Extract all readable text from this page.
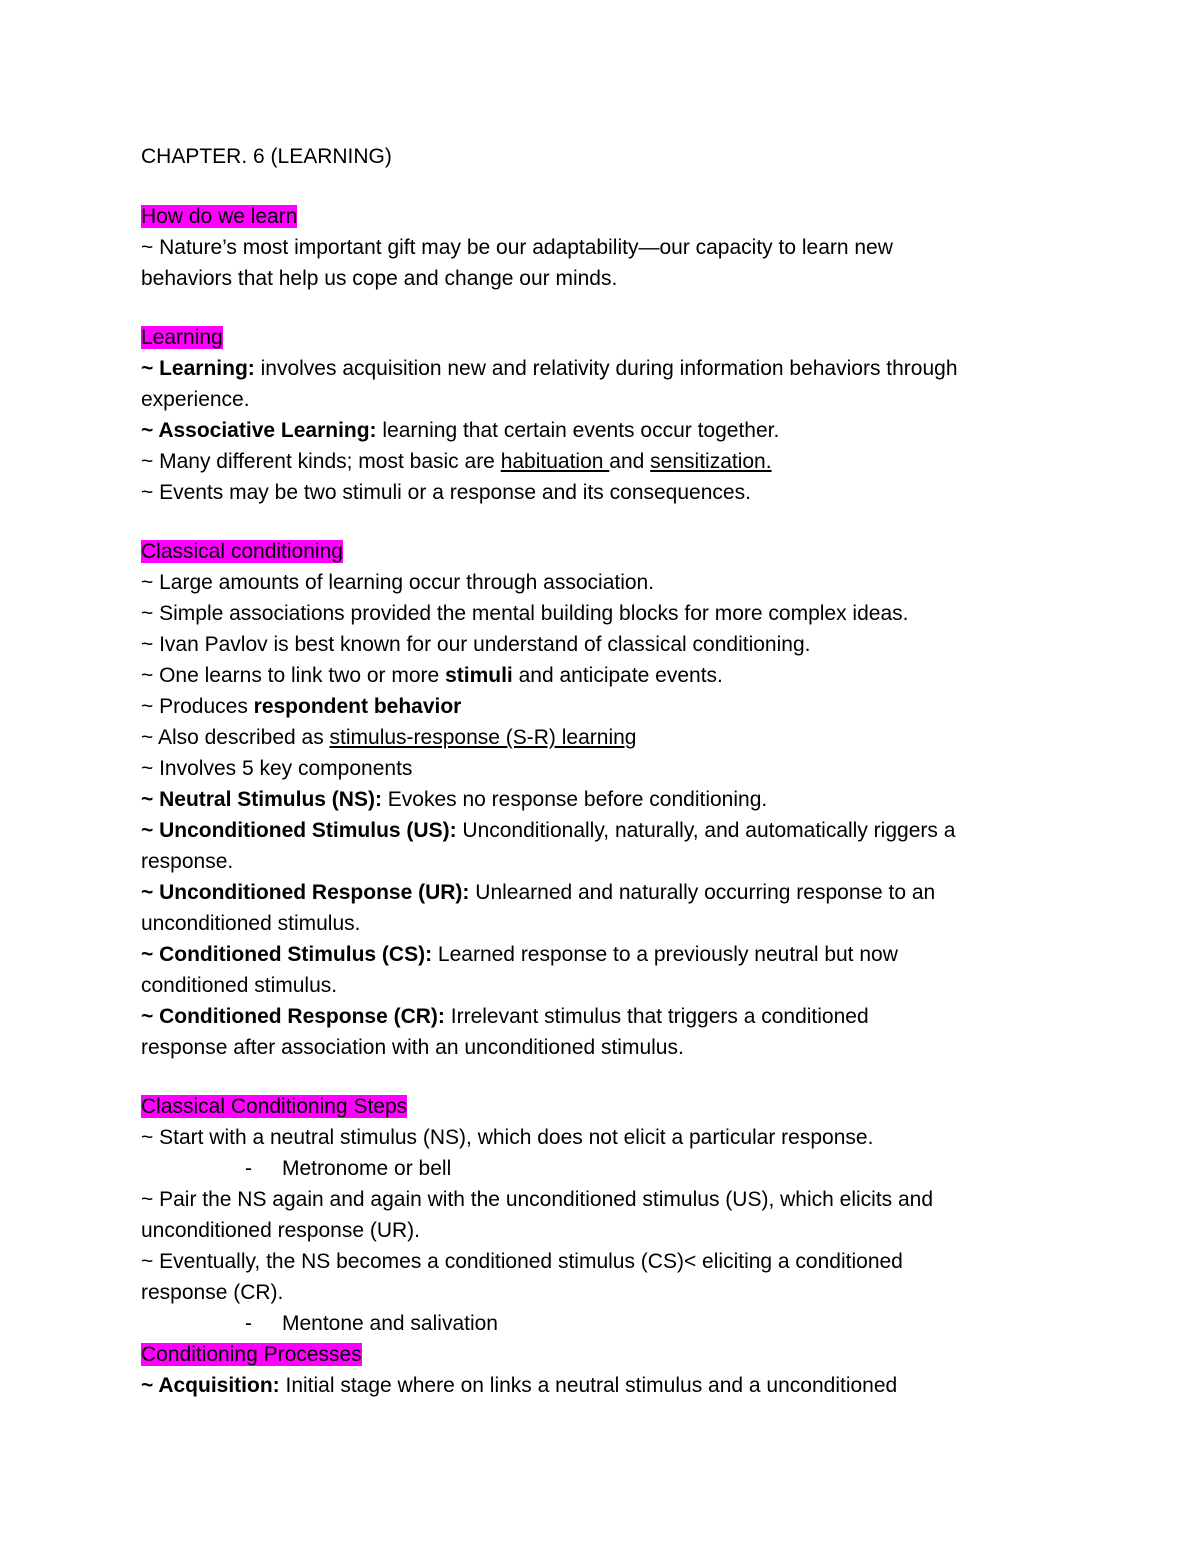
CHAPTER. 6 (LEARNING)
How do we learn
~ Nature’s most important gift may be our adaptability—our capacity to learn new
behaviors that help us cope and change our minds.
Learning
~ Learning: involves acquisition new and relativity during information behaviors through
experience.
~ Associative Learning: learning that certain events occur together.
~ Many different kinds; most basic are habituation and sensitization.
~ Events may be two stimuli or a response and its consequences.
Classical conditioning
~ Large amounts of learning occur through association.
~ Simple associations provided the mental building blocks for more complex ideas.
~ Ivan Pavlov is best known for our understand of classical conditioning.
~ One learns to link two or more stimuli and anticipate events.
~ Produces respondent behavior
~ Also described as stimulus-response (S-R) learning
~ Involves 5 key components
~ Neutral Stimulus (NS): Evokes no response before conditioning.
~ Unconditioned Stimulus (US): Unconditionally, naturally, and automatically riggers a
response.
~ Unconditioned Response (UR): Unlearned and naturally occurring response to an
unconditioned stimulus.
~ Conditioned Stimulus (CS): Learned response to a previously neutral but now
conditioned stimulus.
~ Conditioned Response (CR): Irrelevant stimulus that triggers a conditioned
response after association with an unconditioned stimulus.
Classical Conditioning Steps
~ Start with a neutral stimulus (NS), which does not elicit a particular response.
- Metronome or bell
~ Pair the NS again and again with the unconditioned stimulus (US), which elicits and
unconditioned response (UR).
~ Eventually, the NS becomes a conditioned stimulus (CS)< eliciting a conditioned
response (CR).
- Mentone and salivation
Conditioning Processes
~ Acquisition: Initial stage where on links a neutral stimulus and a unconditioned
